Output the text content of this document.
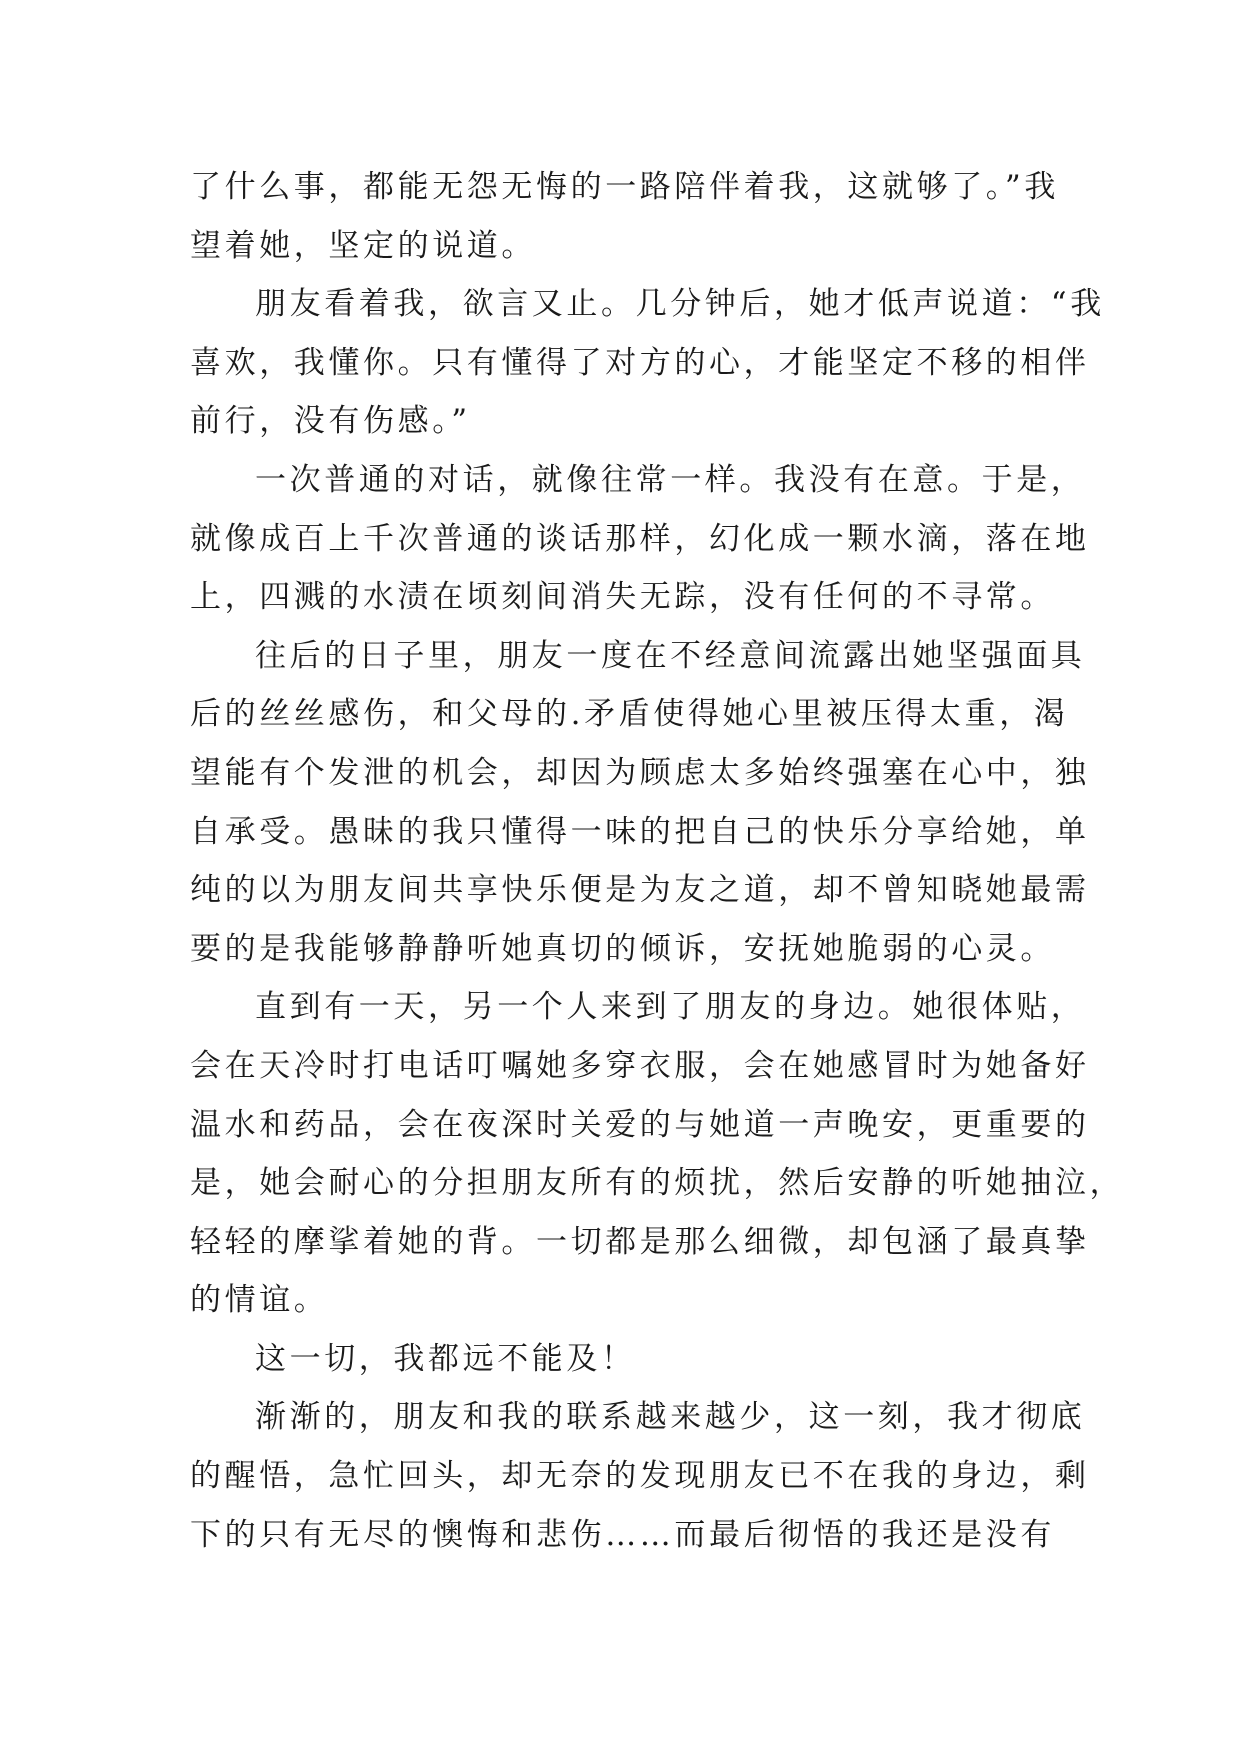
了什么事，都能无怨无悔的一路陪伴着我，这就够了。”我
望着她，坚定的说道。
朋友看着我，欲言又止。几分钟后，她才低声说道：“我
喜欢，我懂你。只有懂得了对方的心，才能坚定不移的相伴
前行，没有伤感。”
一次普通的对话，就像往常一样。我没有在意。于是，
就像成百上千次普通的谈话那样，幻化成一颗水滴，落在地
上，四溅的水渍在顷刻间消失无踪，没有任何的不寻常。
往后的日子里，朋友一度在不经意间流露出她坚强面具
后的丝丝感伤，和父母的.矛盾使得她心里被压得太重，渴
望能有个发泄的机会，却因为顾虑太多始终强塞在心中，独
自承受。愚昧的我只懂得一味的把自己的快乐分享给她，单
纯的以为朋友间共享快乐便是为友之道，却不曾知晓她最需
要的是我能够静静听她真切的倾诉，安抚她脆弱的心灵。
直到有一天，另一个人来到了朋友的身边。她很体贴，
会在天冷时打电话叮嘱她多穿衣服，会在她感冒时为她备好
温水和药品，会在夜深时关爱的与她道一声晚安，更重要的
是，她会耐心的分担朋友所有的烦扰，然后安静的听她抽泣，
轻轻的摩挲着她的背。一切都是那么细微，却包涵了最真挚
的情谊。
这一切，我都远不能及！
渐渐的，朋友和我的联系越来越少，这一刻，我才彻底
的醒悟，急忙回头，却无奈的发现朋友已不在我的身边，剩
下的只有无尽的懊悔和悲伤……而最后彻悟的我还是没有
